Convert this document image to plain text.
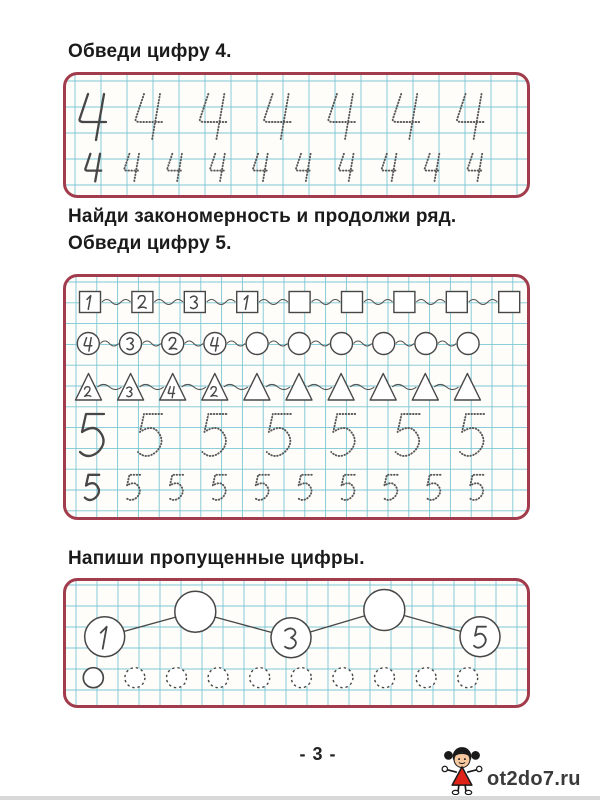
Обведи цифру 4.
Найди закономерность и продолжи ряд.
Обведи цифру 5.
Напиши пропущенные цифры.
- 3 -
ot2do7.ru
